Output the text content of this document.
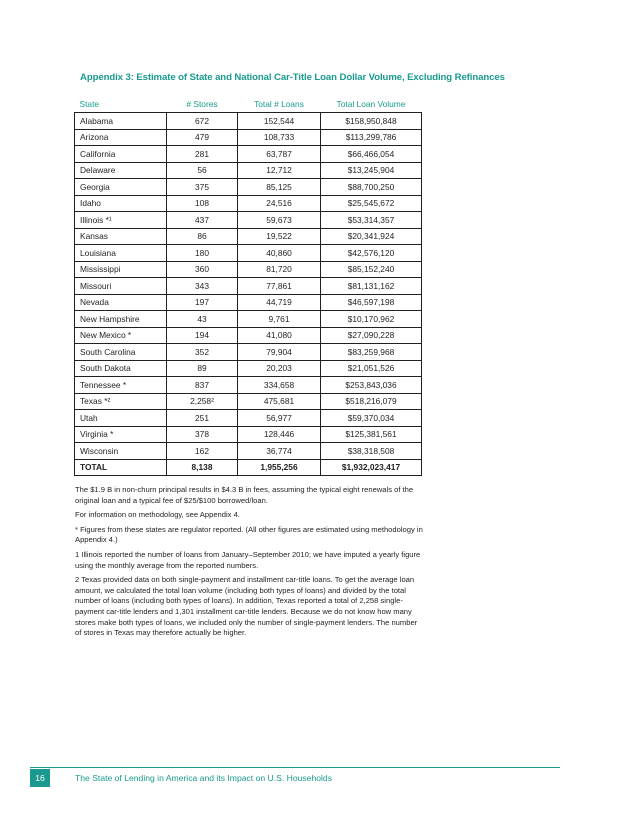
Appendix 3: Estimate of State and National Car-Title Loan Dollar Volume, Excluding Refinances
State	# Stores	Total # Loans	Total Loan Volume
Alabama	672	152,544	$158,950,848
Arizona	479	108,733	$113,299,786
California	281	63,787	$66,466,054
Delaware	56	12,712	$13,245,904
Georgia	375	85,125	$88,700,250
Idaho	108	24,516	$25,545,672
Illinois *¹	437	59,673	$53,314,357
Kansas	86	19,522	$20,341,924
Louisiana	180	40,860	$42,576,120
Mississippi	360	81,720	$85,152,240
Missouri	343	77,861	$81,131,162
Nevada	197	44,719	$46,597,198
New Hampshire	43	9,761	$10,170,962
New Mexico *	194	41,080	$27,090,228
South Carolina	352	79,904	$83,259,968
South Dakota	89	20,203	$21,051,526
Tennessee *	837	334,658	$253,843,036
Texas *²	2,258²	475,681	$518,216,079
Utah	251	56,977	$59,370,034
Virginia *	378	128,446	$125,381,561
Wisconsin	162	36,774	$38,318,508
TOTAL	8,138	1,955,256	$1,932,023,417

The $1.9 B in non-churn principal results in $4.3 B in fees, assuming the typical eight renewals of the original loan and a typical fee of $25/$100 borrowed/loan.

For information on methodology, see Appendix 4.

* Figures from these states are regulator reported. (All other figures are estimated using methodology in Appendix 4.)

1 Illinois reported the number of loans from January–September 2010; we have imputed a yearly figure using the monthly average from the reported numbers.

2 Texas provided data on both single-payment and installment car-title loans. To get the average loan amount, we calculated the total loan volume (including both types of loans) and divided by the total number of loans (including both types of loans). In addition, Texas reported a total of 2,258 single-payment car-title lenders and 1,301 installment car-title lenders. Because we do not know how many stores make both types of loans, we included only the number of single-payment lenders. The number of stores in Texas may therefore actually be higher.

16	The State of Lending in America and its Impact on U.S. Households
